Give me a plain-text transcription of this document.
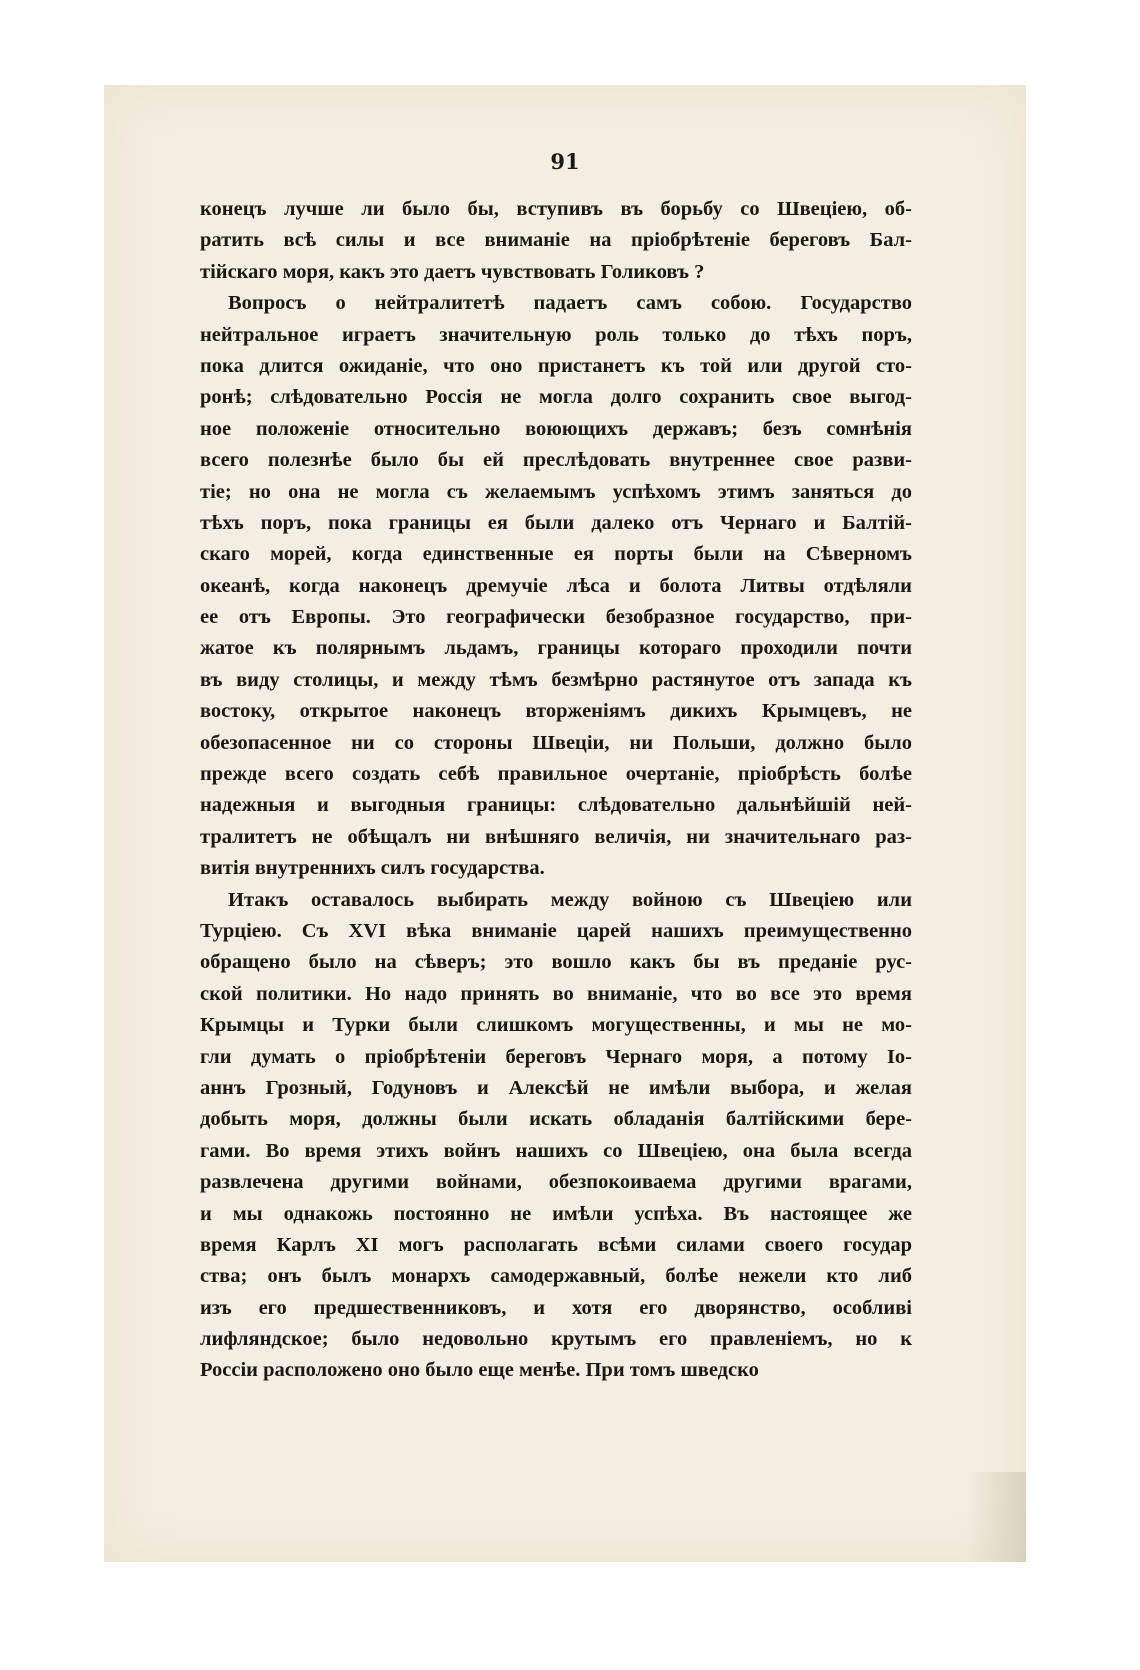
91
конецъ лучше ли было бы, вступивъ въ борьбу со Швеціею, об-
ратить всѣ силы и все вниманіе на пріобрѣтеніе береговъ Бал-
тійскаго моря, какъ это даетъ чувствовать Голиковъ ?
Вопросъ о нейтралитетѣ падаетъ самъ собою. Государство
нейтральное играетъ значительную роль только до тѣхъ поръ,
пока длится ожиданіе, что оно пристанетъ къ той или другой сто-
ронѣ; слѣдовательно Россія не могла долго сохранить свое выгод-
ное положеніе относительно воюющихъ державъ; безъ сомнѣнія
всего полезнѣе было бы ей преслѣдовать внутреннее свое разви-
тіе; но она не могла съ желаемымъ успѣхомъ этимъ заняться до
тѣхъ поръ, пока границы ея были далеко отъ Чернаго и Балтій-
скаго морей, когда единственные ея порты были на Сѣверномъ
океанѣ, когда наконецъ дремучіе лѣса и болота Литвы отдѣляли
ее отъ Европы. Это географически безобразное государство, при-
жатое къ полярнымъ льдамъ, границы котораго проходили почти
въ виду столицы, и между тѣмъ безмѣрно растянутое отъ запада къ
востоку, открытое наконецъ вторженіямъ дикихъ Крымцевъ, не
обезопасенное ни со стороны Швеціи, ни Польши, должно было
прежде всего создать себѣ правильное очертаніе, пріобрѣсть болѣе
надежныя и выгодныя границы: слѣдовательно дальнѣйшій ней-
тралитетъ не обѣщалъ ни внѣшняго величія, ни значительнаго раз-
витія внутреннихъ силъ государства.
Итакъ оставалось выбирать между войною съ Швеціею или
Турціею. Съ XVI вѣка вниманіе царей нашихъ преимущественно
обращено было на сѣверъ; это вошло какъ бы въ преданіе рус-
ской политики. Но надо принять во вниманіе, что во все это время
Крымцы и Турки были слишкомъ могущественны, и мы не мо-
гли думать о пріобрѣтеніи береговъ Чернаго моря, а потому Іо-
аннъ Грозный, Годуновъ и Алексѣй не имѣли выбора, и желая
добыть моря, должны были искать обладанія балтійскими бере-
гами. Во время этихъ войнъ нашихъ со Швеціею, она была всегда
развлечена другими войнами, обезпокоиваема другими врагами,
и мы однакожь постоянно не имѣли успѣха. Въ настоящее же
время Карлъ XI могъ располагать всѣми силами своего государ
ства; онъ былъ монархъ самодержавный, болѣе нежели кто либ
изъ его предшественниковъ, и хотя его дворянство, особливі
лифляндское; было недовольно крутымъ его правленіемъ, но к
Россіи расположено оно было еще менѣе. При томъ шведско
